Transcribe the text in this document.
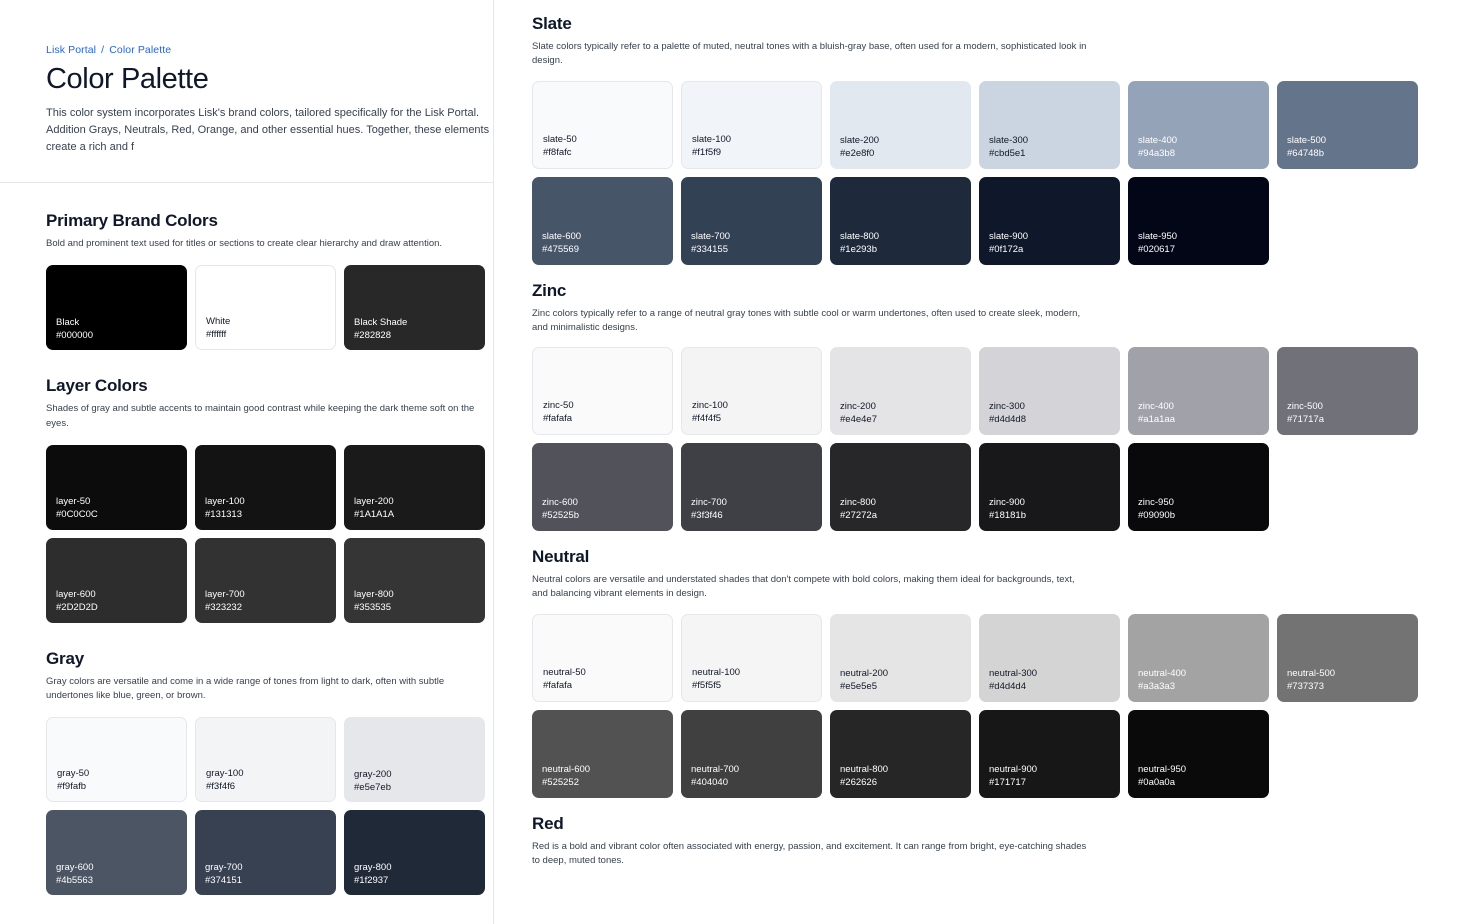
Lisk Portal / Color Palette
Color Palette

This color system incorporates Lisk's brand colors, tailored specifically for the Lisk Portal. Addition Grays, Neutrals, Red, Orange, and other essential hues. Together, these elements create a rich and f

Primary Brand Colors
Bold and prominent text used for titles or sections to create clear hierarchy and draw attention.
Black
#000000
White
#ffffff
Black Shade
#282828
Layer Colors
Shades of gray and subtle accents to maintain good contrast while keeping the dark theme soft on the eyes.
layer-50
#0C0C0C
layer-100
#131313
layer-200
#1A1A1A
layer-600
#2D2D2D
layer-700
#323232
layer-800
#353535
Gray
Gray colors are versatile and come in a wide range of tones from light to dark, often with subtle undertones like blue, green, or brown.
gray-50
#f9fafb
gray-100
#f3f4f6
gray-200
#e5e7eb
gray-600
#4b5563
gray-700
#374151
gray-800
#1f2937
Slate

Slate colors typically refer to a palette of muted, neutral tones with a bluish-gray base, often used for a modern, sophisticated look in design.

slate-50
#f8fafc
slate-100
#f1f5f9
slate-200
#e2e8f0
slate-300
#cbd5e1
slate-400
#94a3b8
slate-500
#64748b
slate-600
#475569
slate-700
#334155
slate-800
#1e293b
slate-900
#0f172a
slate-950
#020617
Zinc

Zinc colors typically refer to a range of neutral gray tones with subtle cool or warm undertones, often used to create sleek, modern, and minimalistic designs.

zinc-50
#fafafa
zinc-100
#f4f4f5
zinc-200
#e4e4e7
zinc-300
#d4d4d8
zinc-400
#a1a1aa
zinc-500
#71717a
zinc-600
#52525b
zinc-700
#3f3f46
zinc-800
#27272a
zinc-900
#18181b
zinc-950
#09090b
Neutral

Neutral colors are versatile and understated shades that don't compete with bold colors, making them ideal for backgrounds, text, and balancing vibrant elements in design.

neutral-50
#fafafa
neutral-100
#f5f5f5
neutral-200
#e5e5e5
neutral-300
#d4d4d4
neutral-400
#a3a3a3
neutral-500
#737373
neutral-600
#525252
neutral-700
#404040
neutral-800
#262626
neutral-900
#171717
neutral-950
#0a0a0a
Red

Red is a bold and vibrant color often associated with energy, passion, and excitement. It can range from bright, eye-catching shades to deep, muted tones.
